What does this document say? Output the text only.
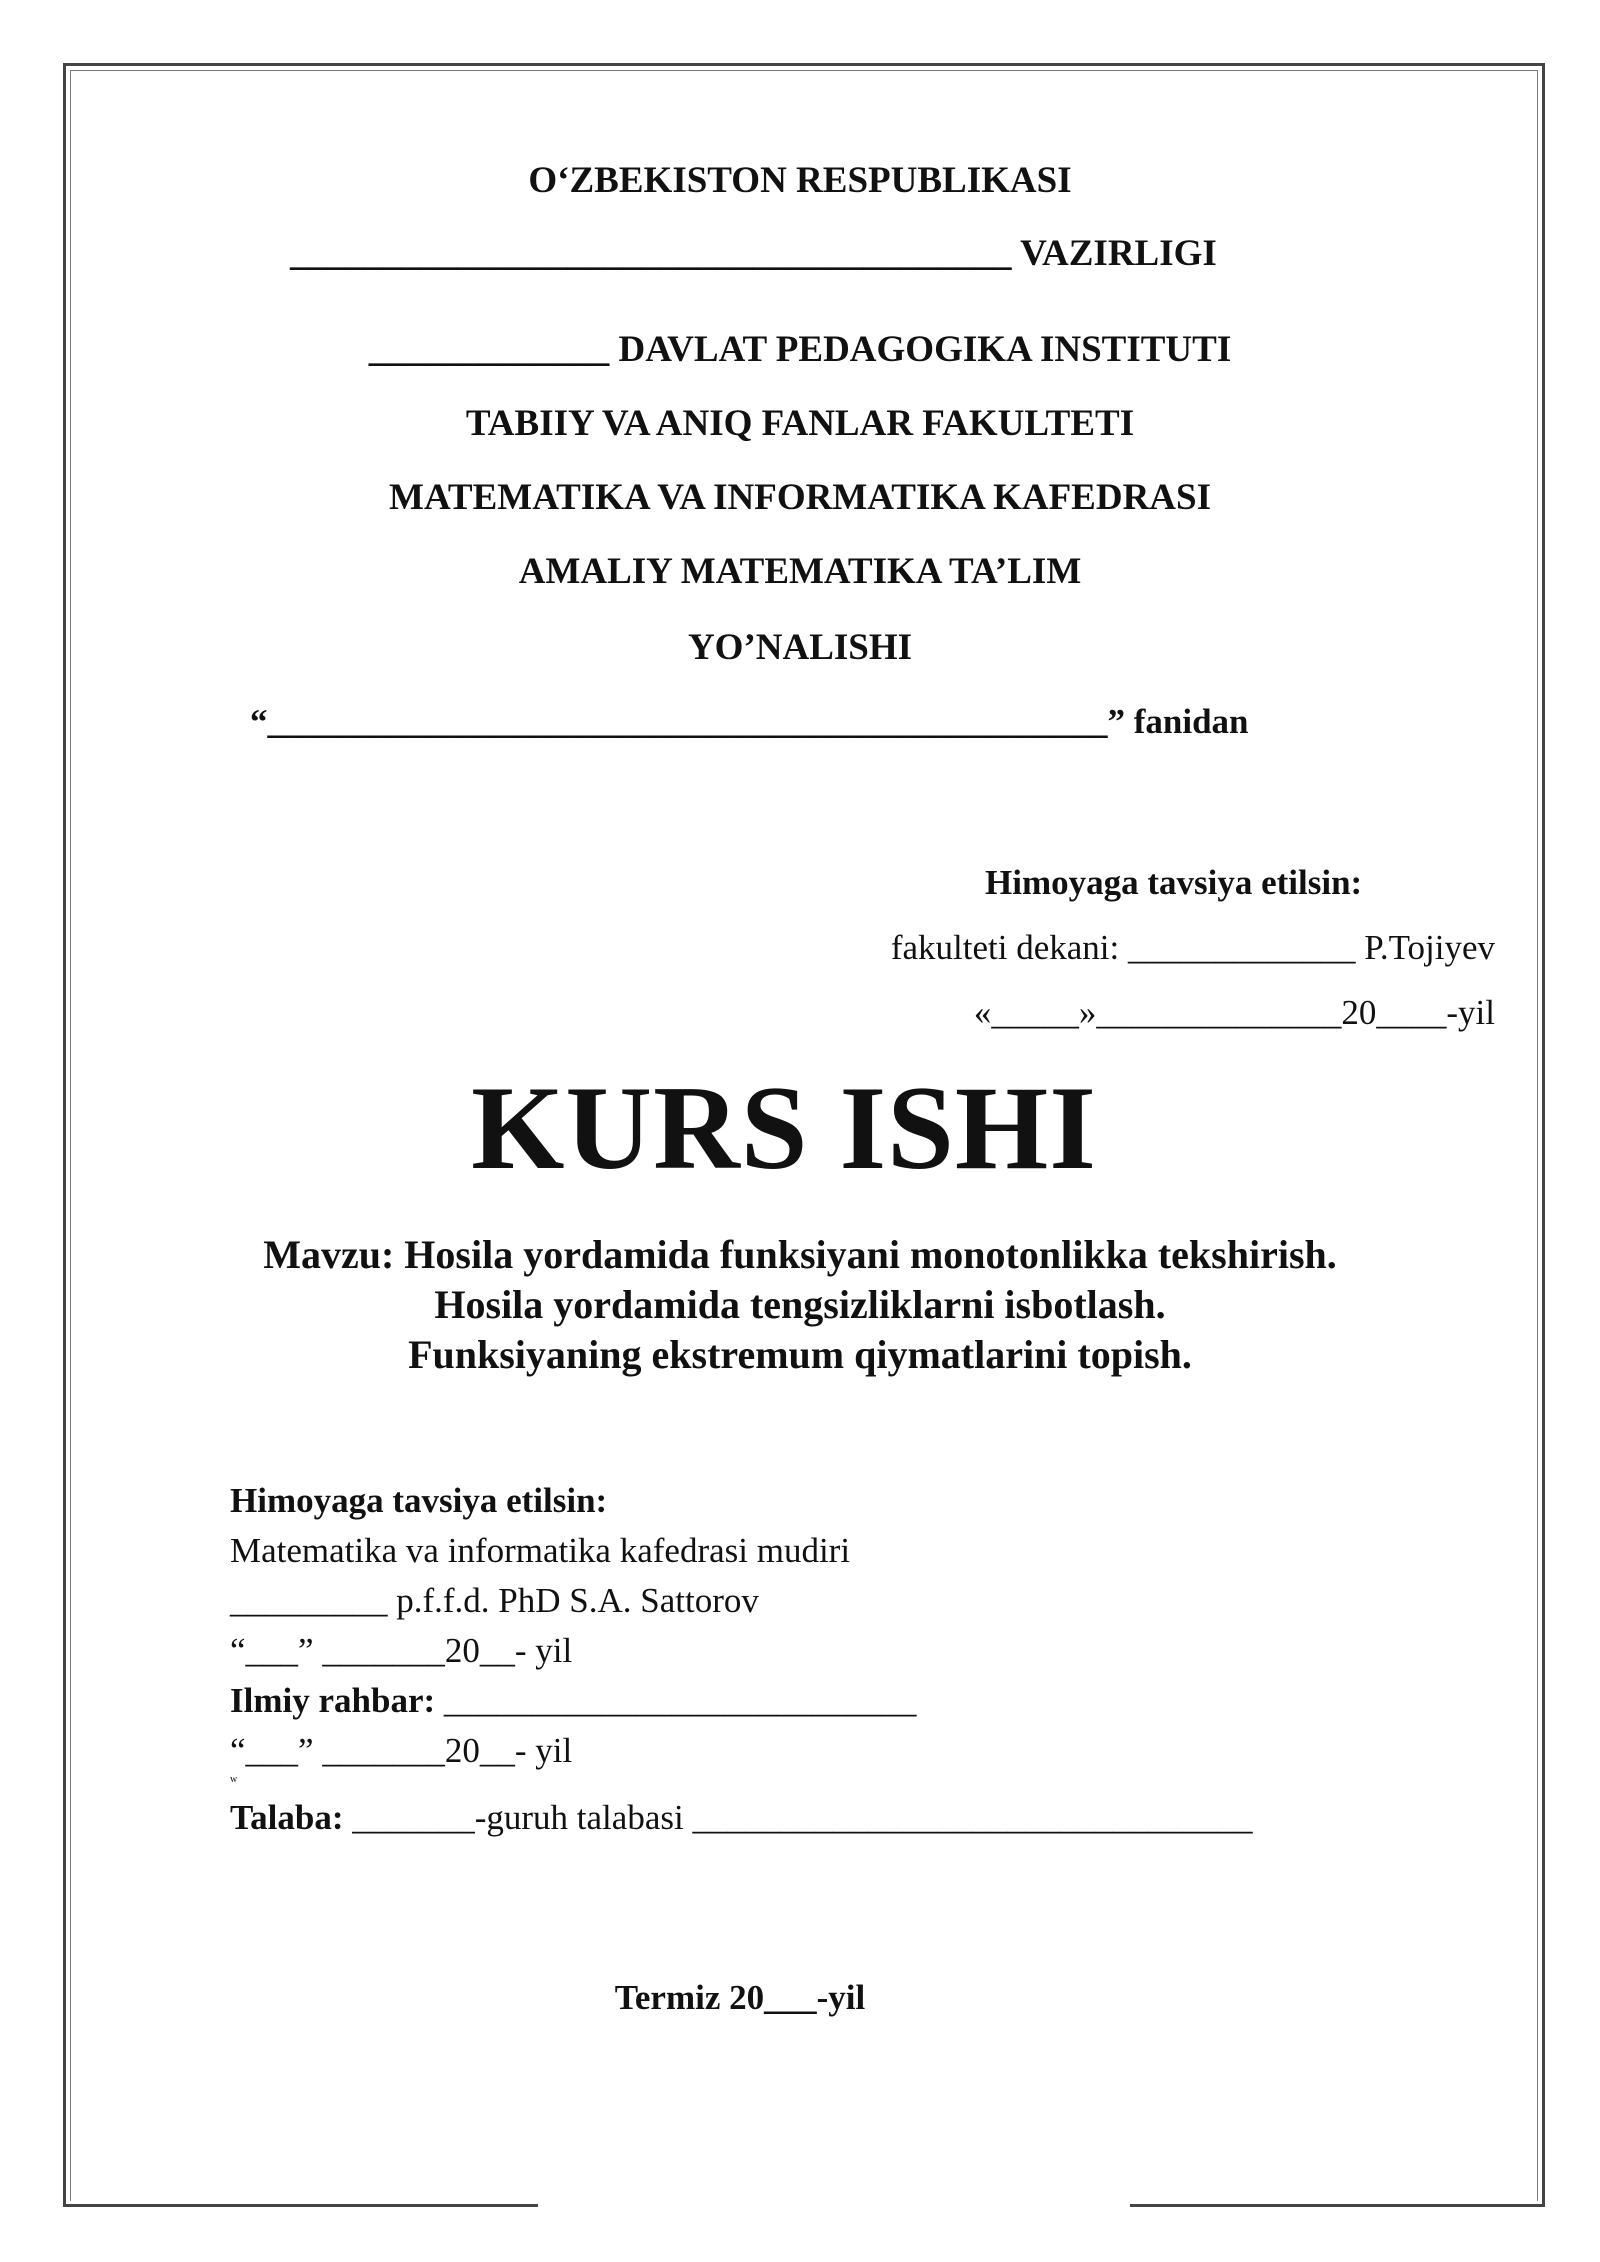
O‘ZBEKISTON RESPUBLIKASI
_______________________________________ VAZIRLIGI
_____________ DAVLAT PEDAGOGIKA INSTITUTI
TABIIY VA ANIQ FANLAR FAKULTETI
MATEMATIKA VA INFORMATIKA KAFEDRASI
AMALIY MATEMATIKA TA’LIM
YO’NALISHI
“________________________________________________” fanidan
Himoyaga tavsiya etilsin:
fakulteti dekani: _____________ P.Tojiyev
«_____»______________20____-yil
KURS ISHI
Mavzu: Hosila yordamida funksiyani monotonlikka tekshirish.
Hosila yordamida tengsizliklarni isbotlash.
Funksiyaning ekstremum qiymatlarini topish.
Himoyaga tavsiya etilsin:
Matematika va informatika kafedrasi mudiri
_________ p.f.f.d. PhD S.A. Sattorov
“___” _______20__- yil
Ilmiy rahbar: ___________________________
“___” _______20__- yil
w
Talaba: _______-guruh talabasi ________________________________
Termiz 20___-yil
